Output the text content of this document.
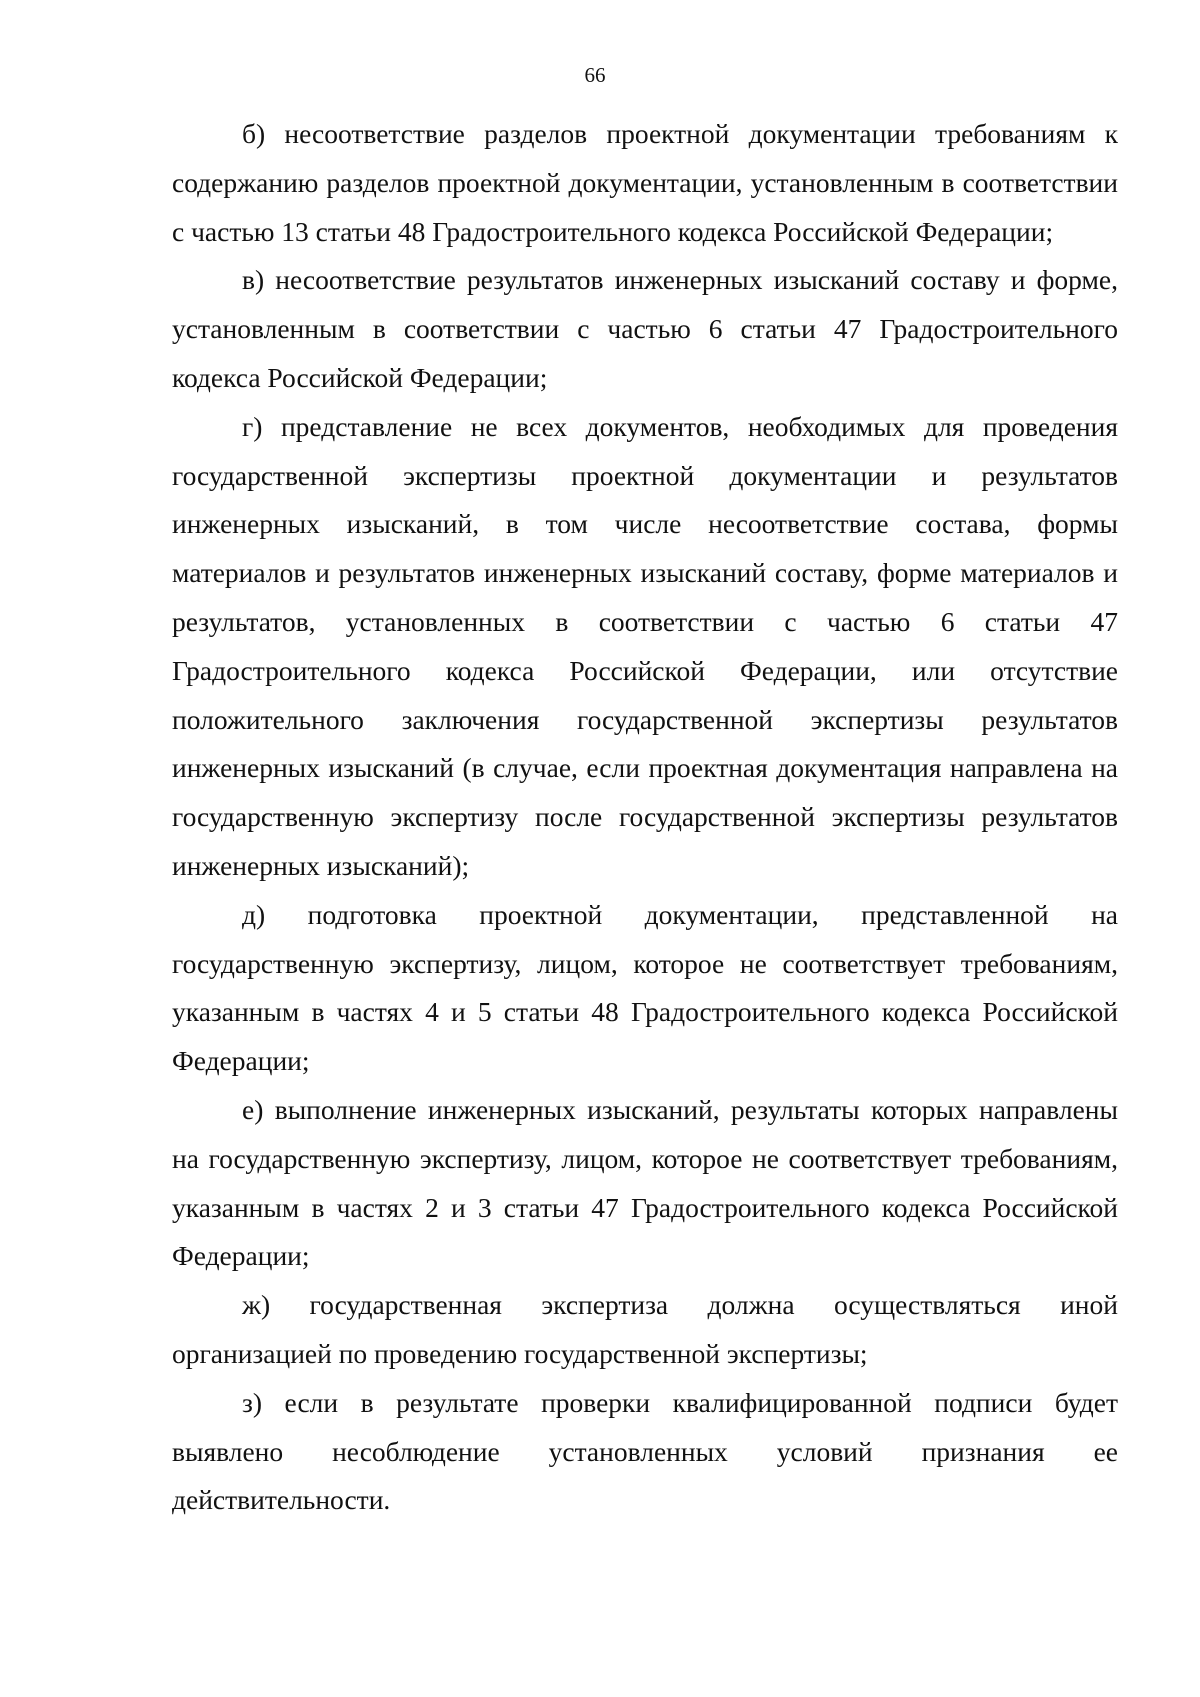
66

б) несоответствие разделов проектной документации требованиям к содержанию разделов проектной документации, установленным в соответствии с частью 13 статьи 48 Градостроительного кодекса Российской Федерации;

в) несоответствие результатов инженерных изысканий составу и форме, установленным в соответствии с частью 6 статьи 47 Градостроительного кодекса Российской Федерации;

г) представление не всех документов, необходимых для проведения государственной экспертизы проектной документации и результатов инженерных изысканий, в том числе несоответствие состава, формы материалов и результатов инженерных изысканий составу, форме материалов и результатов, установленных в соответствии с частью 6 статьи 47 Градостроительного кодекса Российской Федерации, или отсутствие положительного заключения государственной экспертизы результатов инженерных изысканий (в случае, если проектная документация направлена на государственную экспертизу после государственной экспертизы результатов инженерных изысканий);

д) подготовка проектной документации, представленной на государственную экспертизу, лицом, которое не соответствует требованиям, указанным в частях 4 и 5 статьи 48 Градостроительного кодекса Российской Федерации;

е) выполнение инженерных изысканий, результаты которых направлены на государственную экспертизу, лицом, которое не соответствует требованиям, указанным в частях 2 и 3 статьи 47 Градостроительного кодекса Российской Федерации;

ж) государственная экспертиза должна осуществляться иной организацией по проведению государственной экспертизы;

з) если в результате проверки квалифицированной подписи будет выявлено несоблюдение установленных условий признания ее действительности.
